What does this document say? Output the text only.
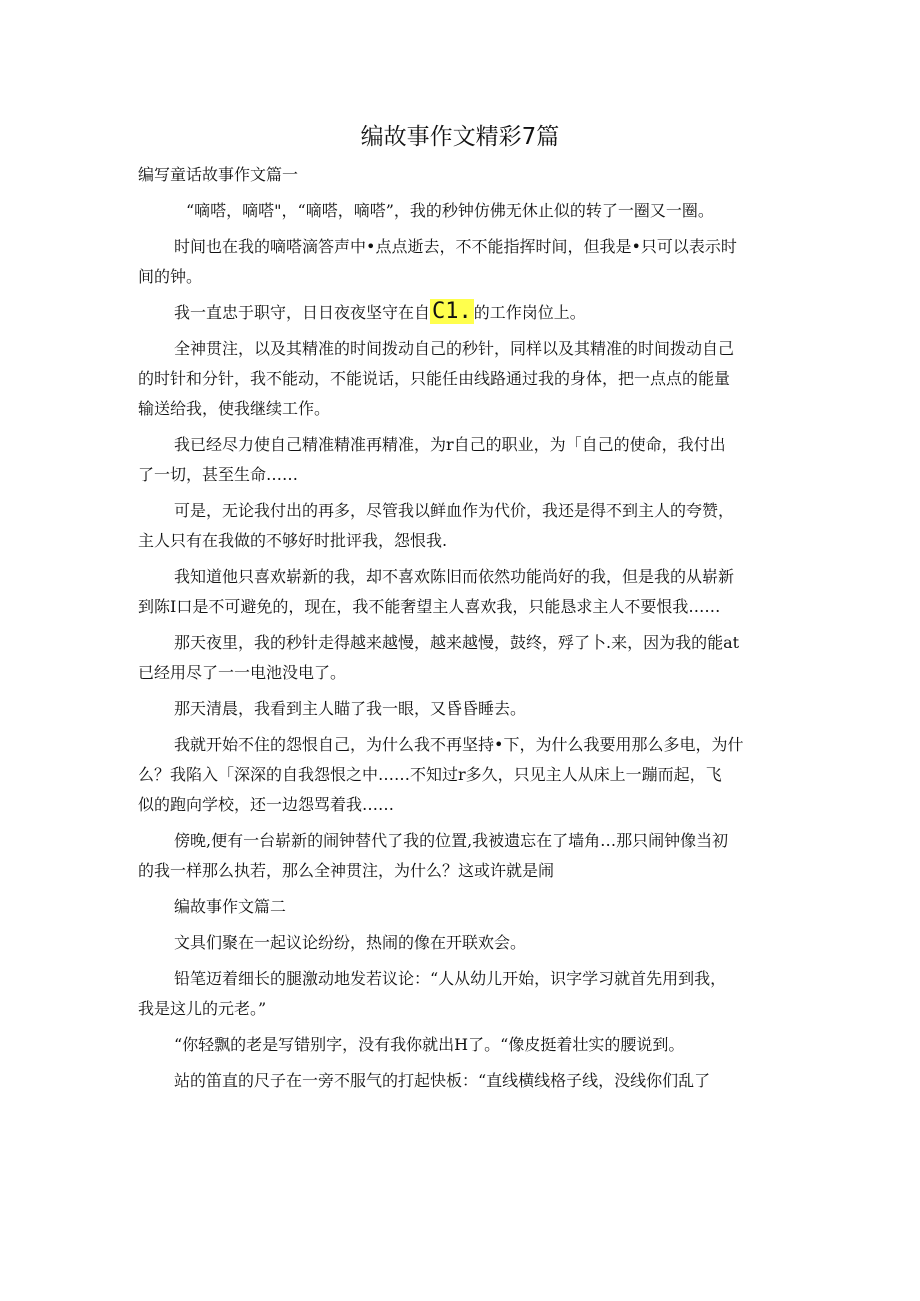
编故事作文精彩7篇
编写童话故事作文篇一
“嘀嗒，嘀嗒"，“嘀嗒，嘀嗒”，我的秒钟仿佛无休止似的转了一圈又一圈。
时间也在我的嘀嗒滴答声中•点点逝去，不不能指挥时间，但我是•只可以表示时
间的钟。
我一直忠于职守，日日夜夜坚守在自C1. 的工作岗位上。
全神贯注，以及其精准的时间拨动自己的秒针，同样以及其精准的时间拨动自己
的时针和分针，我不能动，不能说话，只能任由线路通过我的身体，把一点点的能量
输送给我，使我继续工作。
我已经尽力使自己精准精准再精准，为r自己的职业，为「自己的使命，我付出
了一切，甚至生命……
可是，无论我付出的再多，尽管我以鲜血作为代价，我还是得不到主人的夸赞，
主人只有在我做的不够好时批评我，怨恨我.
我知道他只喜欢崭新的我，却不喜欢陈旧而依然功能尚好的我，但是我的从崭新
到陈I口是不可避免的，现在，我不能奢望主人喜欢我，只能恳求主人不要恨我……
那天夜里，我的秒针走得越来越慢，越来越慢，鼓终，殍了卜.来，因为我的能at
已经用尽了一一电池没电了。
那天清晨，我看到主人瞄了我一眼，又昏昏睡去。
我就开始不住的怨恨自己，为什么我不再坚持•下，为什么我要用那么多电，为什
么？我陷入「深深的自我怨恨之中……不知过r多久，只见主人从床上一蹦而起，飞
似的跑向学校，还一边怨骂着我……
傍晚,便有一台崭新的闹钟替代了我的位置,我被遗忘在了墙角…那只闹钟像当初
的我一样那么执若，那么全神贯注，为什么？这或许就是闹
编故事作文篇二
文具们聚在一起议论纷纷，热闹的像在开联欢会。
铅笔迈着细长的腿激动地发若议论：“人从幼儿开始，识字学习就首先用到我，
我是这儿的元老。”
“你轻飘的老是写错别字，没有我你就出H了。“像皮挺着壮实的腰说到。
站的笛直的尺子在一旁不服气的打起快板：“直线横线格子线，没线你们乱了
